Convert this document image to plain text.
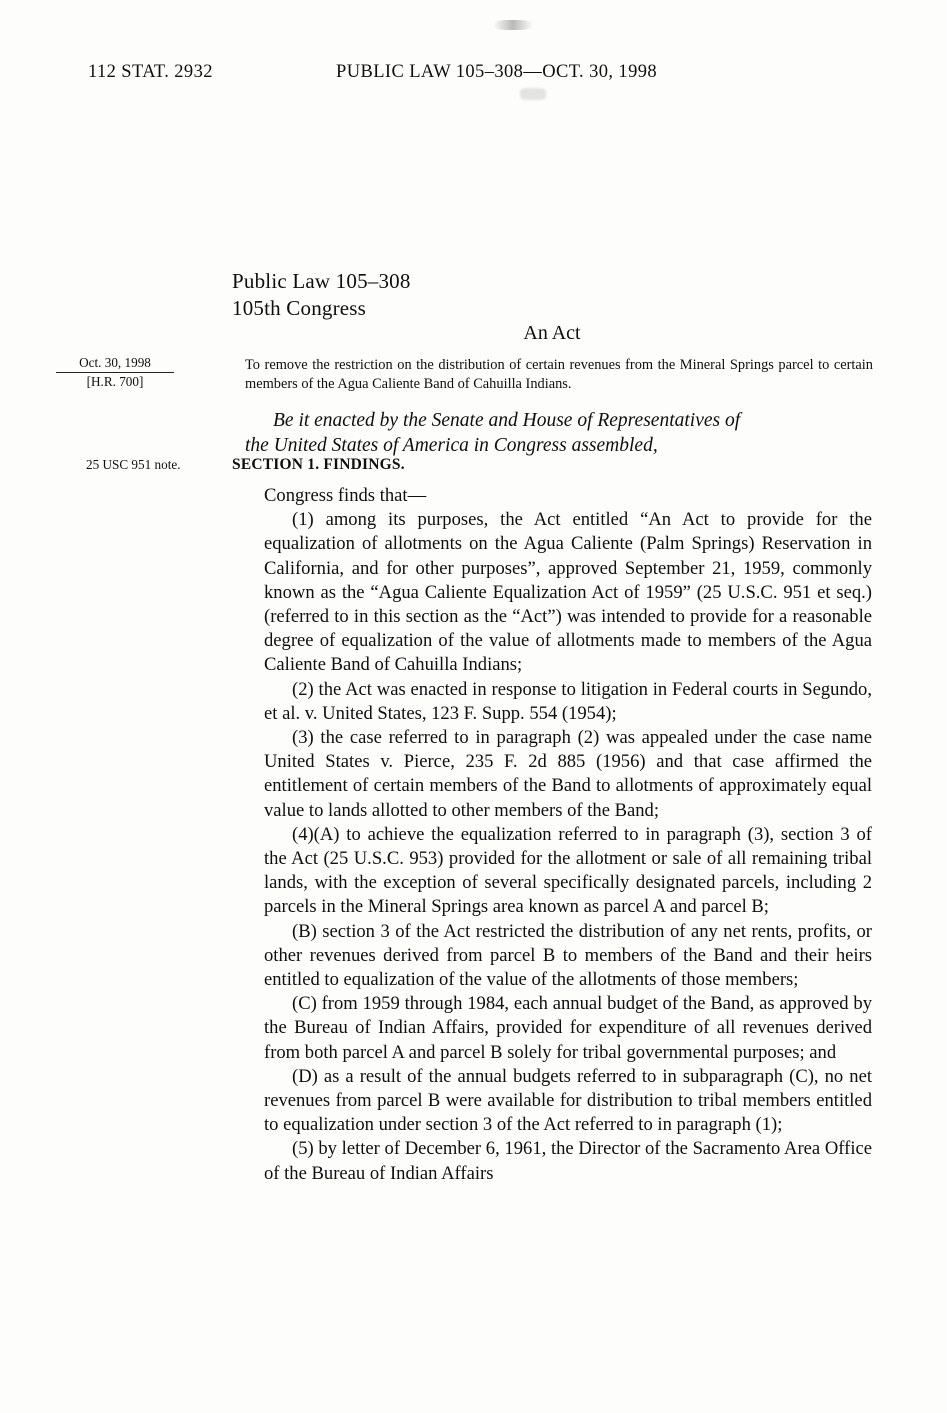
112 STAT. 2932	PUBLIC LAW 105–308—OCT. 30, 1998
Public Law 105–308
105th Congress
An Act
Oct. 30, 1998
[H.R. 700]
25 USC 951 note.
To remove the restriction on the distribution of certain revenues from the Mineral Springs parcel to certain members of the Agua Caliente Band of Cahuilla Indians.
Be it enacted by the Senate and House of Representatives of
the United States of America in Congress assembled,
SECTION 1. FINDINGS.

Congress finds that—

(1) among its purposes, the Act entitled “An Act to provide for the equalization of allotments on the Agua Caliente (Palm Springs) Reservation in California, and for other purposes”, approved September 21, 1959, commonly known as the “Agua Caliente Equalization Act of 1959” (25 U.S.C. 951 et seq.) (referred to in this section as the “Act”) was intended to provide for a reasonable degree of equalization of the value of allotments made to members of the Agua Caliente Band of Cahuilla Indians;

(2) the Act was enacted in response to litigation in Federal courts in Segundo, et al. v. United States, 123 F. Supp. 554 (1954);

(3) the case referred to in paragraph (2) was appealed under the case name United States v. Pierce, 235 F. 2d 885 (1956) and that case affirmed the entitlement of certain members of the Band to allotments of approximately equal value to lands allotted to other members of the Band;

(4)(A) to achieve the equalization referred to in paragraph (3), section 3 of the Act (25 U.S.C. 953) provided for the allotment or sale of all remaining tribal lands, with the exception of several specifically designated parcels, including 2 parcels in the Mineral Springs area known as parcel A and parcel B;

(B) section 3 of the Act restricted the distribution of any net rents, profits, or other revenues derived from parcel B to members of the Band and their heirs entitled to equalization of the value of the allotments of those members;

(C) from 1959 through 1984, each annual budget of the Band, as approved by the Bureau of Indian Affairs, provided for expenditure of all revenues derived from both parcel A and parcel B solely for tribal governmental purposes; and

(D) as a result of the annual budgets referred to in subparagraph (C), no net revenues from parcel B were available for distribution to tribal members entitled to equalization under section 3 of the Act referred to in paragraph (1);

(5) by letter of December 6, 1961, the Director of the Sacramento Area Office of the Bureau of Indian Affairs
